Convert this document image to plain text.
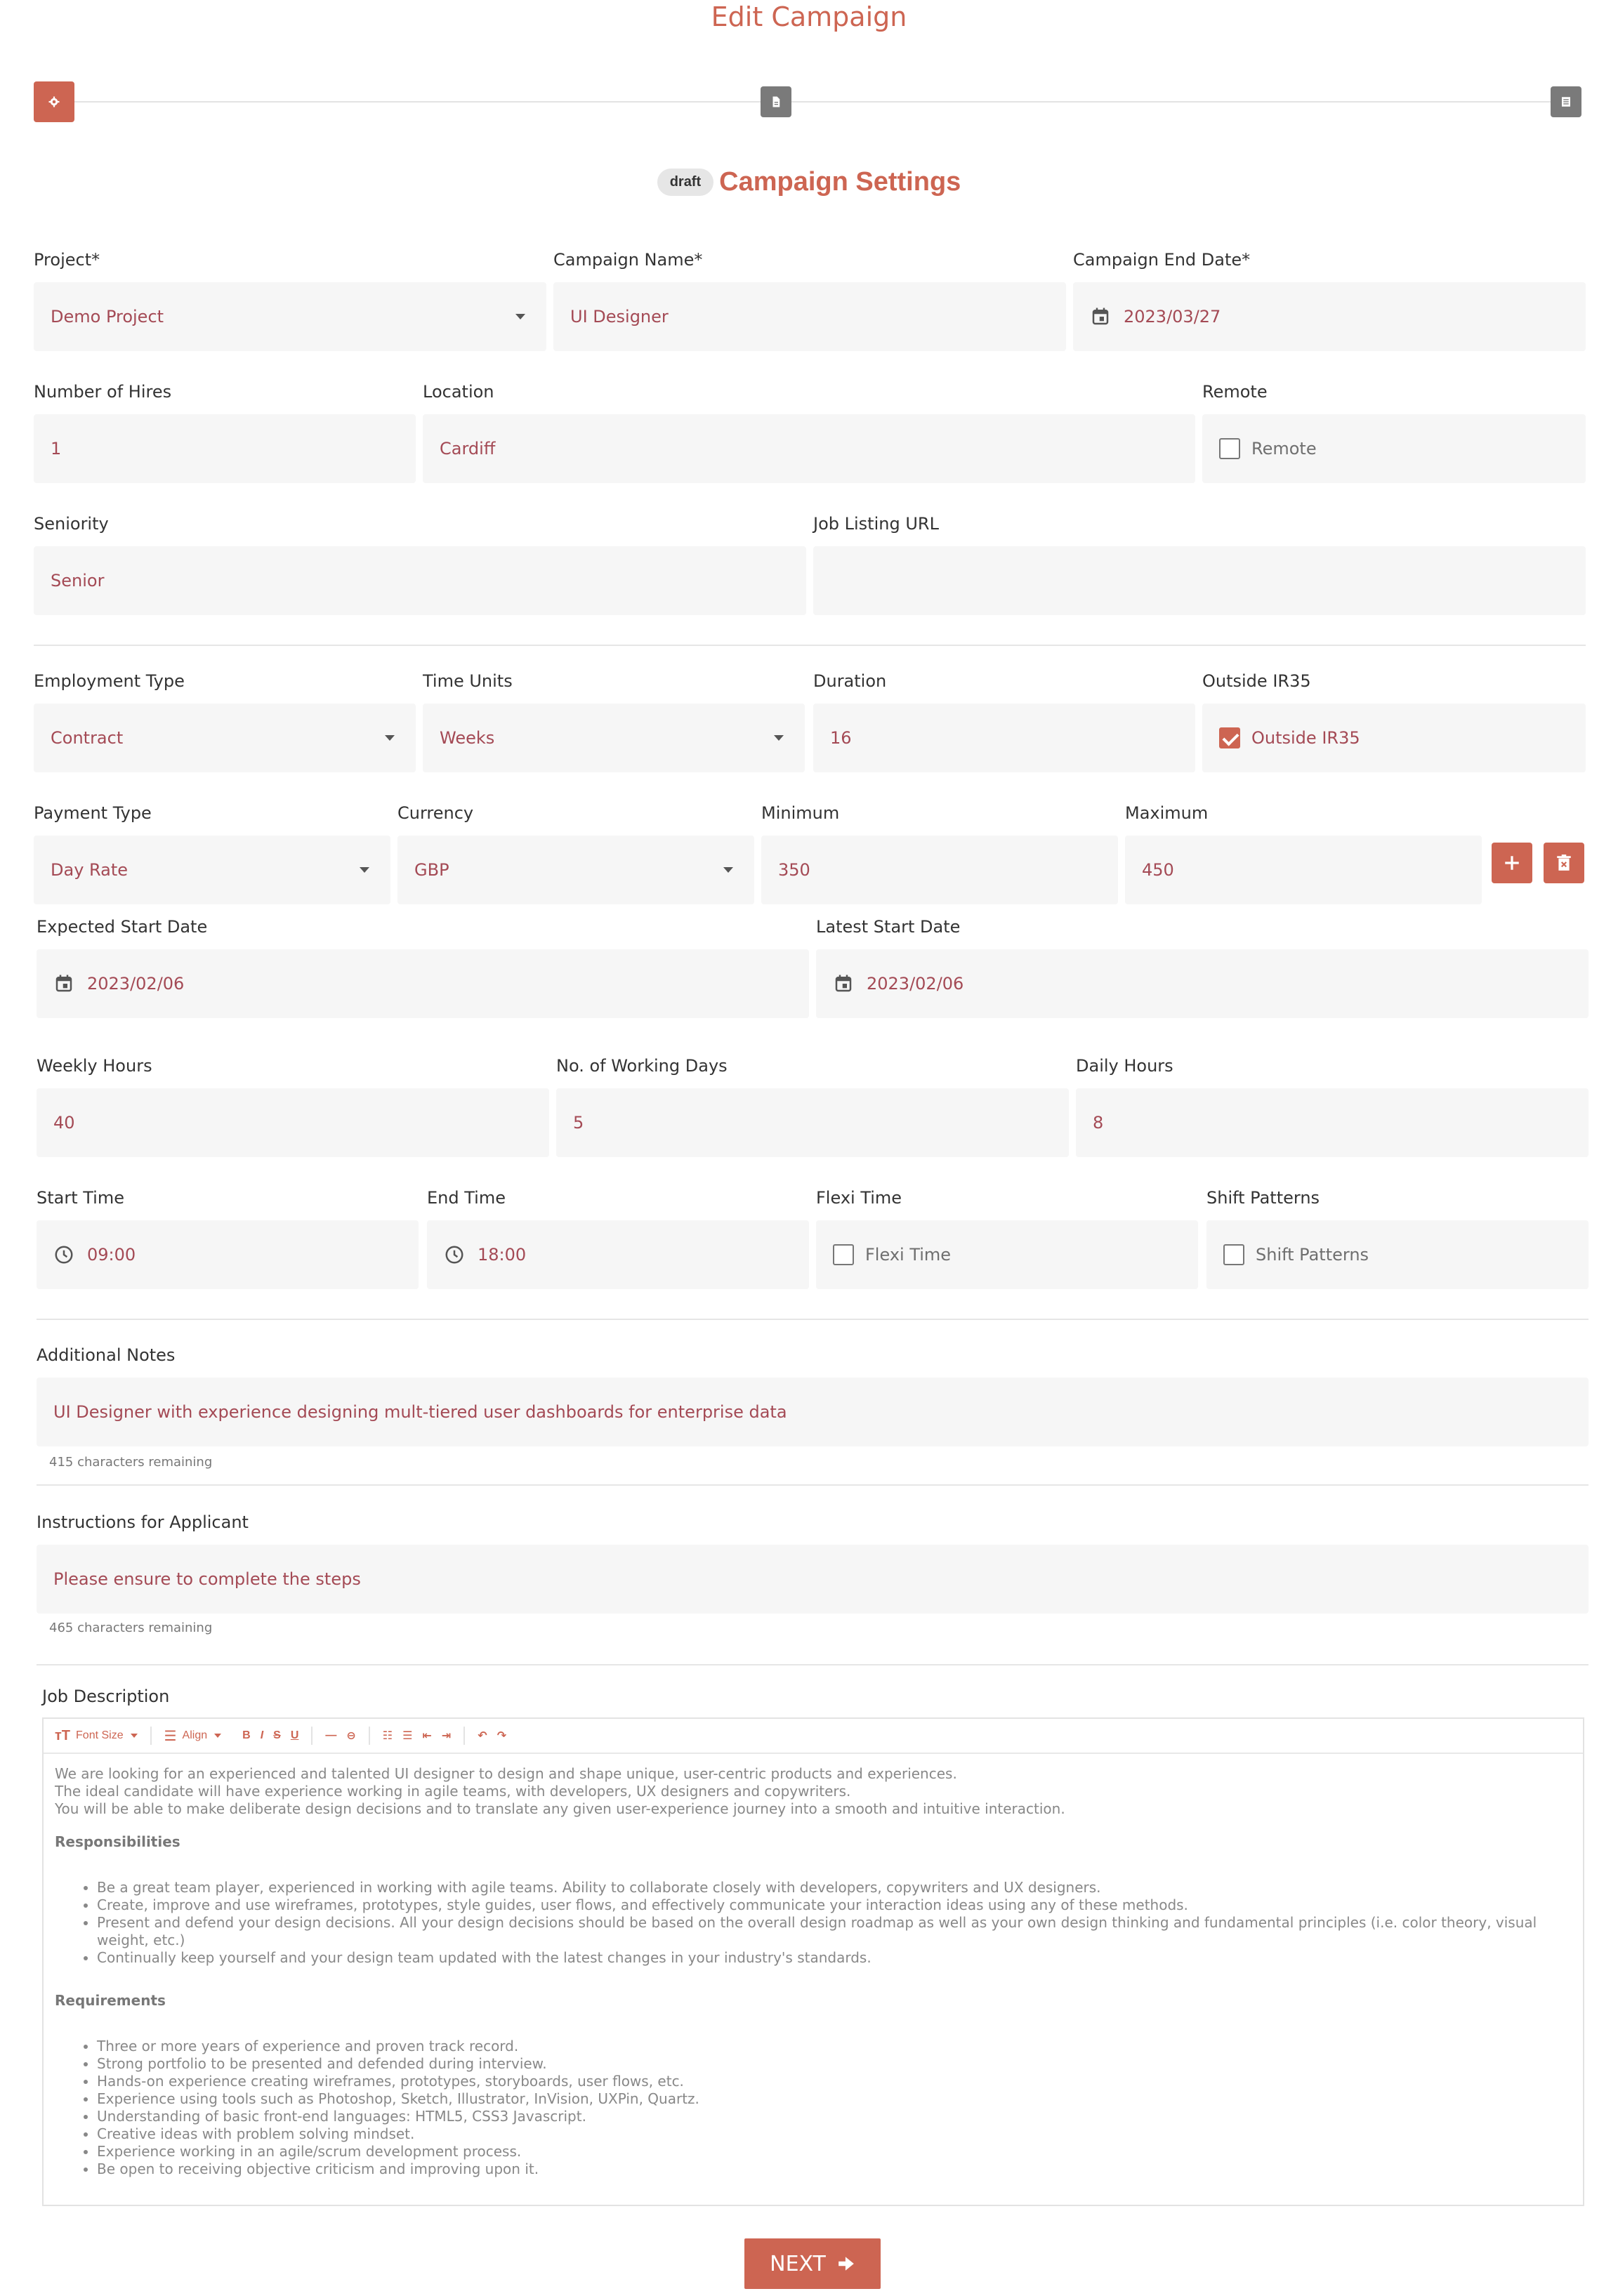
Edit Campaign
draft Campaign Settings
Project*
Demo Project
Campaign Name*
UI Designer
Campaign End Date*
2023/03/27
Number of Hires
1
Location
Cardiff
Remote
Remote
Seniority
Senior
Job Listing URL
Employment Type
Contract
Time Units
Weeks
Duration
16
Outside IR35
Outside IR35
Payment Type
Day Rate
Currency
GBP
Minimum
350
Maximum
450
Expected Start Date
2023/02/06
Latest Start Date
2023/02/06
Weekly Hours
40
No. of Working Days
5
Daily Hours
8
Start Time
09:00
End Time
18:00
Flexi Time
Flexi Time
Shift Patterns
Shift Patterns
Additional Notes
UI Designer with experience designing mult-tiered user dashboards for enterprise data
415 characters remaining
Instructions for Applicant
Please ensure to complete the steps
465 characters remaining
Job Description
ᴛT Font Size	☰ Align	B I S U — ⊖ ☷ ☰ ⇤ ⇥ ↶ ↷
We are looking for an experienced and talented UI designer to design and shape unique, user-centric products and experiences.
The ideal candidate will have experience working in agile teams, with developers, UX designers and copywriters.
You will be able to make deliberate design decisions and to translate any given user-experience journey into a smooth and intuitive interaction.
Responsibilities
• Be a great team player, experienced in working with agile teams. Ability to collaborate closely with developers, copywriters and UX designers.
• Create, improve and use wireframes, prototypes, style guides, user flows, and effectively communicate your interaction ideas using any of these methods.
• Present and defend your design decisions. All your design decisions should be based on the overall design roadmap as well as your own design thinking and fundamental principles (i.e. color theory, visual weight, etc.)
• Continually keep yourself and your design team updated with the latest changes in your industry's standards.
Requirements
• Three or more years of experience and proven track record.
• Strong portfolio to be presented and defended during interview.
• Hands-on experience creating wireframes, prototypes, storyboards, user flows, etc.
• Experience using tools such as Photoshop, Sketch, Illustrator, InVision, UXPin, Quartz.
• Understanding of basic front-end languages: HTML5, CSS3 Javascript.
• Creative ideas with problem solving mindset.
• Experience working in an agile/scrum development process.
• Be open to receiving objective criticism and improving upon it.
NEXT
